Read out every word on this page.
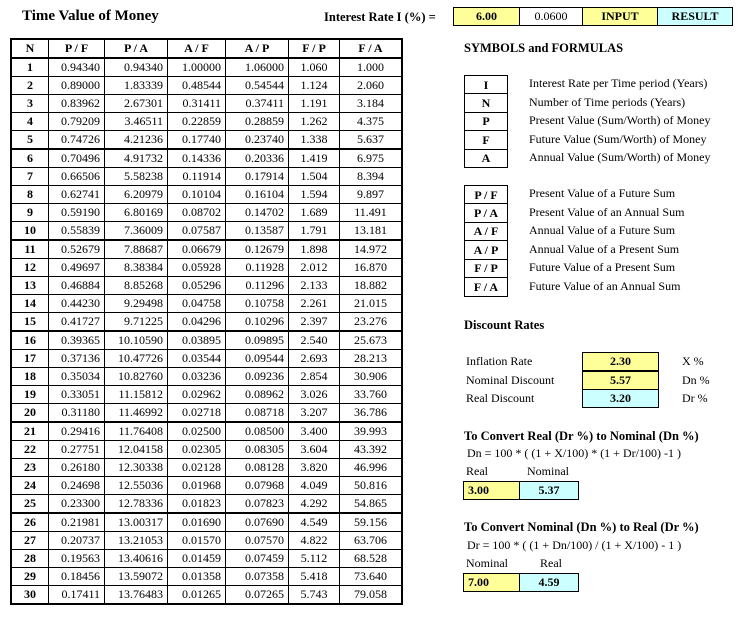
Time Value of Money	Interest Rate I (%) =	6.00	0.0600	INPUT	RESULT
N	P / F	P / A	A / F	A / P	F / P	F / A
1	0.94340	0.94340	1.00000	1.06000	1.060	1.000
2	0.89000	1.83339	0.48544	0.54544	1.124	2.060
3	0.83962	2.67301	0.31411	0.37411	1.191	3.184
4	0.79209	3.46511	0.22859	0.28859	1.262	4.375
5	0.74726	4.21236	0.17740	0.23740	1.338	5.637
6	0.70496	4.91732	0.14336	0.20336	1.419	6.975
7	0.66506	5.58238	0.11914	0.17914	1.504	8.394
8	0.62741	6.20979	0.10104	0.16104	1.594	9.897
9	0.59190	6.80169	0.08702	0.14702	1.689	11.491
10	0.55839	7.36009	0.07587	0.13587	1.791	13.181
11	0.52679	7.88687	0.06679	0.12679	1.898	14.972
12	0.49697	8.38384	0.05928	0.11928	2.012	16.870
13	0.46884	8.85268	0.05296	0.11296	2.133	18.882
14	0.44230	9.29498	0.04758	0.10758	2.261	21.015
15	0.41727	9.71225	0.04296	0.10296	2.397	23.276
16	0.39365	10.10590	0.03895	0.09895	2.540	25.673
17	0.37136	10.47726	0.03544	0.09544	2.693	28.213
18	0.35034	10.82760	0.03236	0.09236	2.854	30.906
19	0.33051	11.15812	0.02962	0.08962	3.026	33.760
20	0.31180	11.46992	0.02718	0.08718	3.207	36.786
21	0.29416	11.76408	0.02500	0.08500	3.400	39.993
22	0.27751	12.04158	0.02305	0.08305	3.604	43.392
23	0.26180	12.30338	0.02128	0.08128	3.820	46.996
24	0.24698	12.55036	0.01968	0.07968	4.049	50.816
25	0.23300	12.78336	0.01823	0.07823	4.292	54.865
26	0.21981	13.00317	0.01690	0.07690	4.549	59.156
27	0.20737	13.21053	0.01570	0.07570	4.822	63.706
28	0.19563	13.40616	0.01459	0.07459	5.112	68.528
29	0.18456	13.59072	0.01358	0.07358	5.418	73.640
30	0.17411	13.76483	0.01265	0.07265	5.743	79.058
SYMBOLS and FORMULAS
I	Interest Rate per Time period (Years)
N	Number of Time periods (Years)
P	Present Value (Sum/Worth) of Money
F	Future Value (Sum/Worth) of Money
A	Annual Value (Sum/Worth) of Money
P / F	Present Value of a Future Sum
P / A	Present Value of an Annual Sum
A / F	Annual Value of a Future Sum
A / P	Annual Value of a Present Sum
F / P	Future Value of a Present Sum
F / A	Future Value of an Annual Sum
Discount Rates
Inflation Rate	2.30	X %
Nominal Discount	5.57	Dn %
Real Discount	3.20	Dr %
To Convert Real (Dr %) to Nominal (Dn %)
Dn = 100 * ( (1 + X/100) * (1 + Dr/100) -1 )
Real	Nominal
3.00	5.37
To Convert Nominal (Dn %) to Real (Dr %)
Dr = 100 * ( (1 + Dn/100) / (1 + X/100) - 1 )
Nominal	Real
7.00	4.59
